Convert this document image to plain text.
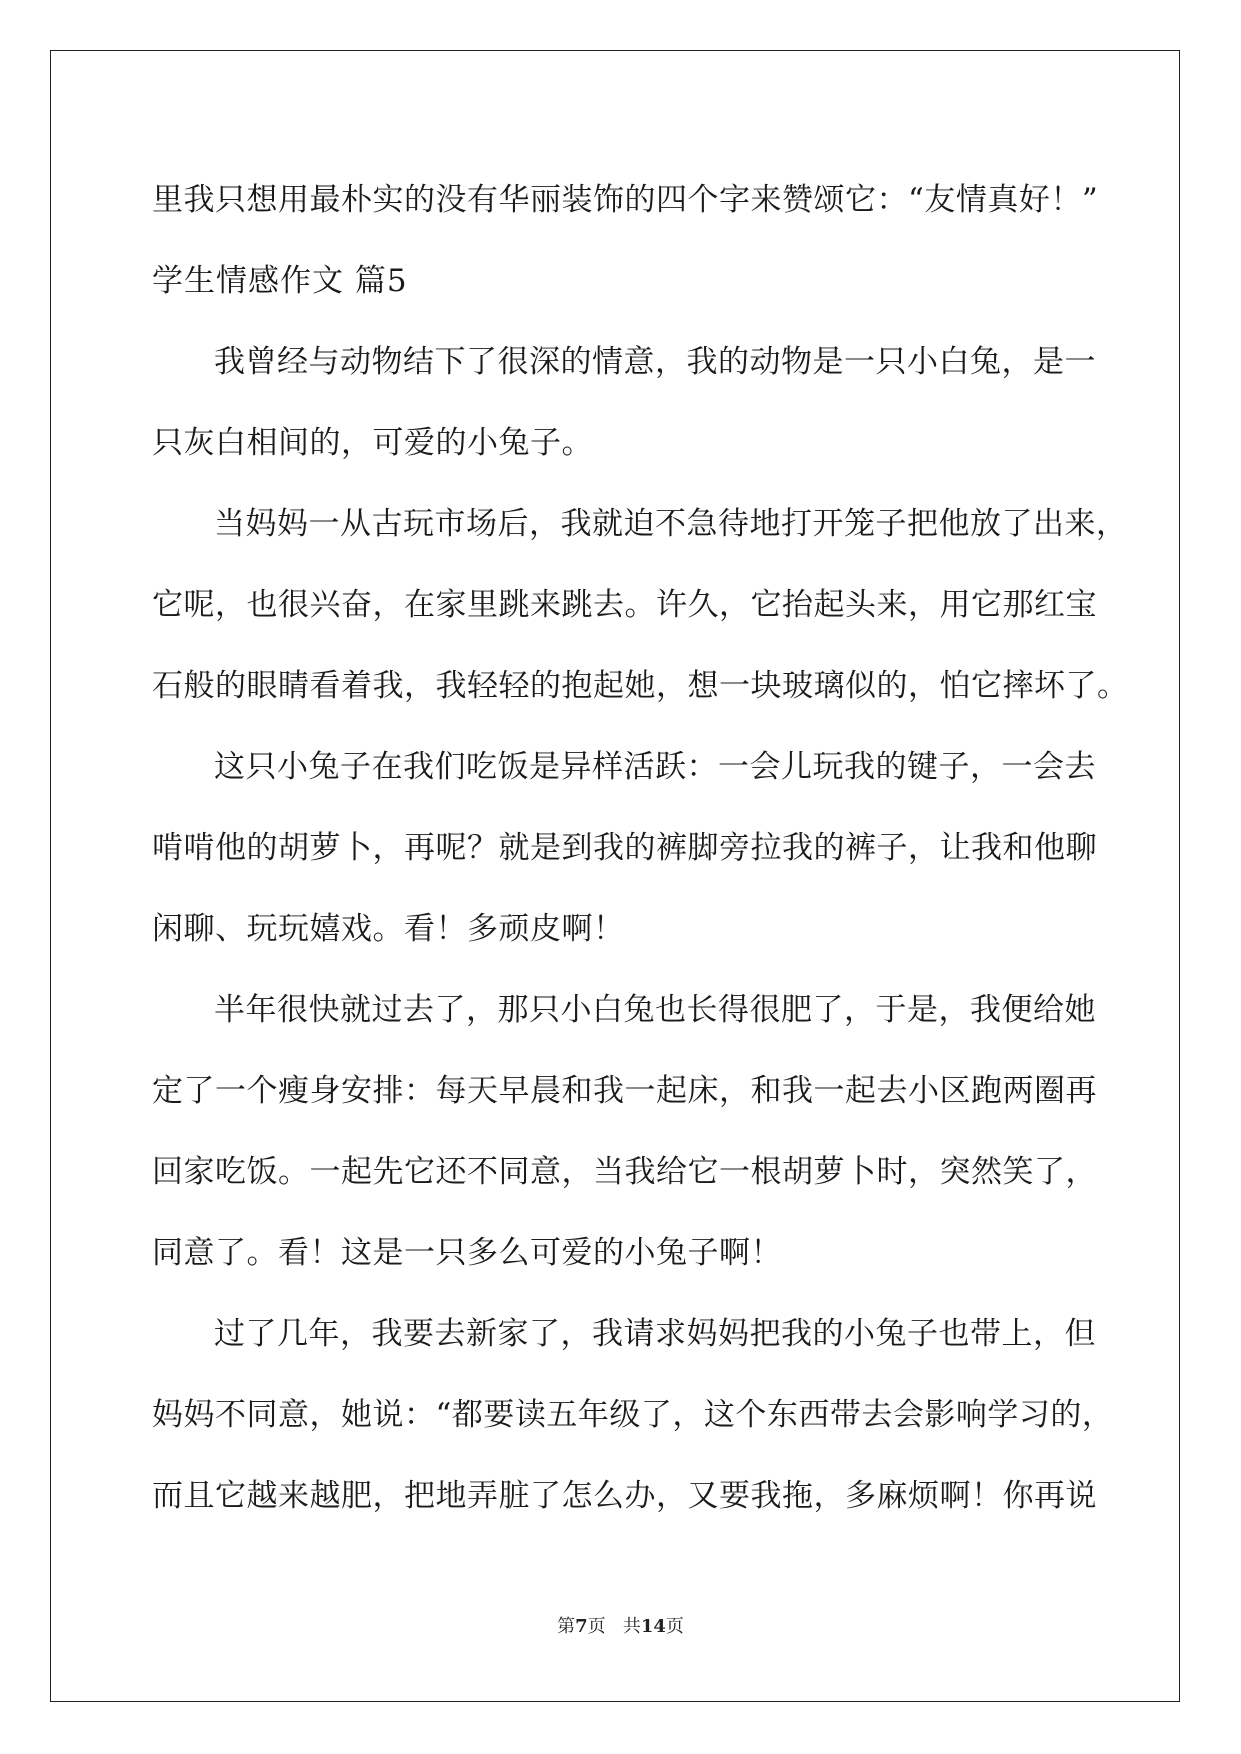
里我只想用最朴实的没有华丽装饰的四个字来赞颂它：“友情真好！”

学生情感作文 篇5

我曾经与动物结下了很深的情意，我的动物是一只小白兔，是一

只灰白相间的，可爱的小兔子。

当妈妈一从古玩市场后，我就迫不急待地打开笼子把他放了出来，

它呢，也很兴奋，在家里跳来跳去。许久，它抬起头来，用它那红宝

石般的眼睛看着我，我轻轻的抱起她，想一块玻璃似的，怕它摔坏了。

这只小兔子在我们吃饭是异样活跃：一会儿玩我的键子，一会去

啃啃他的胡萝卜，再呢？就是到我的裤脚旁拉我的裤子，让我和他聊

闲聊、玩玩嬉戏。看！多顽皮啊！

半年很快就过去了，那只小白兔也长得很肥了，于是，我便给她

定了一个瘦身安排：每天早晨和我一起床，和我一起去小区跑两圈再

回家吃饭。一起先它还不同意，当我给它一根胡萝卜时，突然笑了，

同意了。看！这是一只多么可爱的小兔子啊！

过了几年，我要去新家了，我请求妈妈把我的小兔子也带上，但

妈妈不同意，她说：“都要读五年级了，这个东西带去会影响学习的，

而且它越来越肥，把地弄脏了怎么办，又要我拖，多麻烦啊！你再说

第7页 共14页
